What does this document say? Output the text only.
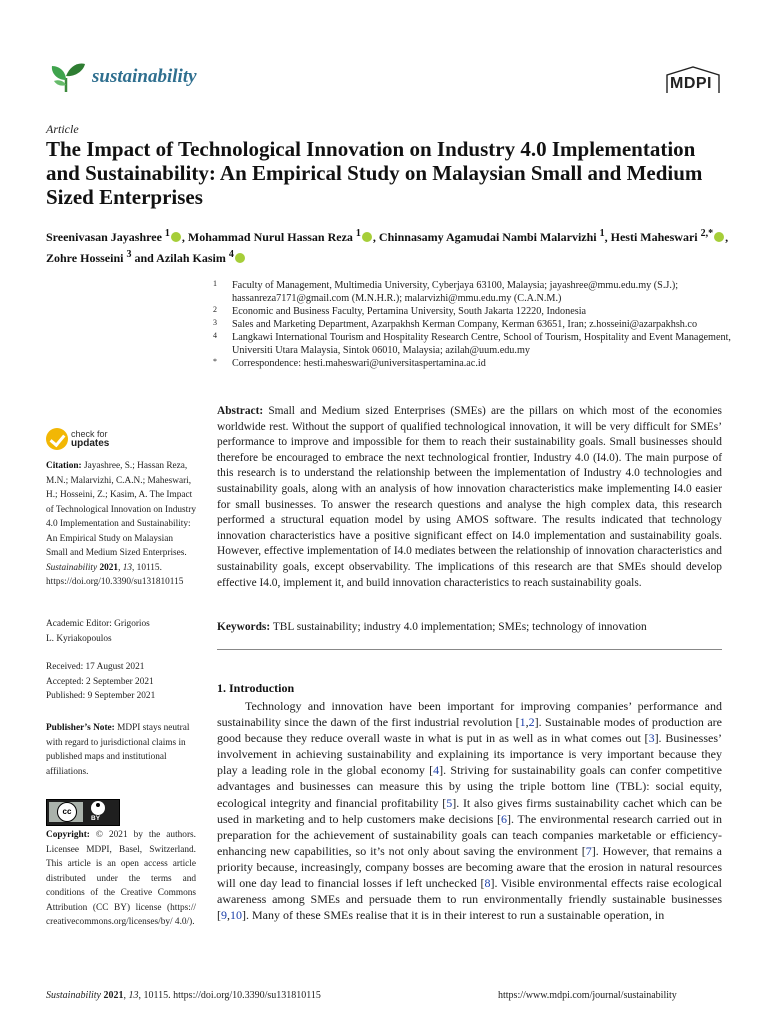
sustainability	MDPI
Article
The Impact of Technological Innovation on Industry 4.0 Implementation and Sustainability: An Empirical Study on Malaysian Small and Medium Sized Enterprises
Sreenivasan Jayashree $^1$ , Mohammad Nurul Hassan Reza $^1$ , Chinnasamy Agamudai Nambi Malarvizhi $^1$, Hesti Maheswari $^{2,*}$ , Zohre Hosseini $^3$ and Azilah Kasim $^4$
1 Faculty of Management, Multimedia University, Cyberjaya 63100, Malaysia; jayashree@mmu.edu.my (S.J.); hassanreza7171@gmail.com (M.N.H.R.); malarvizhi@mmu.edu.my (C.A.N.M.)
2 Economic and Business Faculty, Pertamina University, South Jakarta 12220, Indonesia
3 Sales and Marketing Department, Azarpakhsh Kerman Company, Kerman 63651, Iran; z.hosseini@azarpakhsh.co
4 Langkawi International Tourism and Hospitality Research Centre, School of Tourism, Hospitality and Event Management, Universiti Utara Malaysia, Sintok 06010, Malaysia; azilah@uum.edu.my
* Correspondence: hesti.maheswari@universitaspertamina.ac.id
Abstract: Small and Medium sized Enterprises (SMEs) are the pillars on which most of the economies worldwide rest. Without the support of qualified technological innovation, it will be very difficult for SMEs’ performance to improve and impossible for them to reach their sustainability goals. Small businesses should therefore be encouraged to embrace the next technological frontier, Industry 4.0 (I4.0). The main purpose of this research is to understand the relationship between the implementation of Industry 4.0 technologies and sustainability goals, along with an analysis of how innovation characteristics make implementing I4.0 easier for small businesses. To answer the research questions and analyse the high complex data, this research performed a structural equation model by using AMOS software. The results indicated that technology innovation characteristics have a positive significant effect on I4.0 implementation and sustainability goals. However, effective implementation of I4.0 mediates between the relationship of innovation characteristics and sustainability goals, except observability. The implications of this research are that SMEs should develop effective I4.0, implement it, and build innovation characteristics to reach sustainability goals.
Keywords: TBL sustainability; industry 4.0 implementation; SMEs; technology of innovation
1. Introduction
Technology and innovation have been important for improving companies’ performance and sustainability since the dawn of the first industrial revolution [1,2]. Sustainable modes of production are good because they reduce overall waste in what is put in as well as in what comes out [3]. Businesses’ involvement in achieving sustainability and explaining its importance is very important because they play a leading role in the global economy [4]. Striving for sustainability goals can confer competitive advantages and businesses can measure this by using the triple bottom line (TBL): social equity, ecological integrity and financial profitability [5]. It also gives firms sustainability cachet which can be used in marketing and to help customers make decisions [6]. The environmental research carried out in preparation for the achievement of sustainability goals can teach companies marketable or efficiency-enhancing new capabilities, so it’s not only about saving the environment [7]. However, that remains a priority because, increasingly, company bosses are becoming aware that the erosion in natural resources will one day lead to financial losses if left unchecked [8]. Visible environmental effects raise ecological awareness among SMEs and persuade them to run environmentally friendly sustainable businesses [9,10]. Many of these SMEs realise that it is in their interest to run a sustainable operation, in
check for
updates
Citation: Jayashree, S.; Hassan Reza, M.N.; Malarvizhi, C.A.N.; Maheswari, H.; Hosseini, Z.; Kasim, A. The Impact of Technological Innovation on Industry 4.0 Implementation and Sustainability: An Empirical Study on Malaysian Small and Medium Sized Enterprises. Sustainability 2021, 13, 10115. https://doi.org/10.3390/su131810115
Academic Editor: Grigorios
L. Kyriakopoulos
Received: 17 August 2021
Accepted: 2 September 2021
Published: 9 September 2021
Publisher’s Note: MDPI stays neutral with regard to jurisdictional claims in published maps and institutional affiliations.
cc
BY
Copyright: © 2021 by the authors. Licensee MDPI, Basel, Switzerland. This article is an open access article distributed under the terms and conditions of the Creative Commons Attribution (CC BY) license (https:// creativecommons.org/licenses/by/ 4.0/).
Sustainability 2021, 13, 10115. https://doi.org/10.3390/su131810115	https://www.mdpi.com/journal/sustainability
